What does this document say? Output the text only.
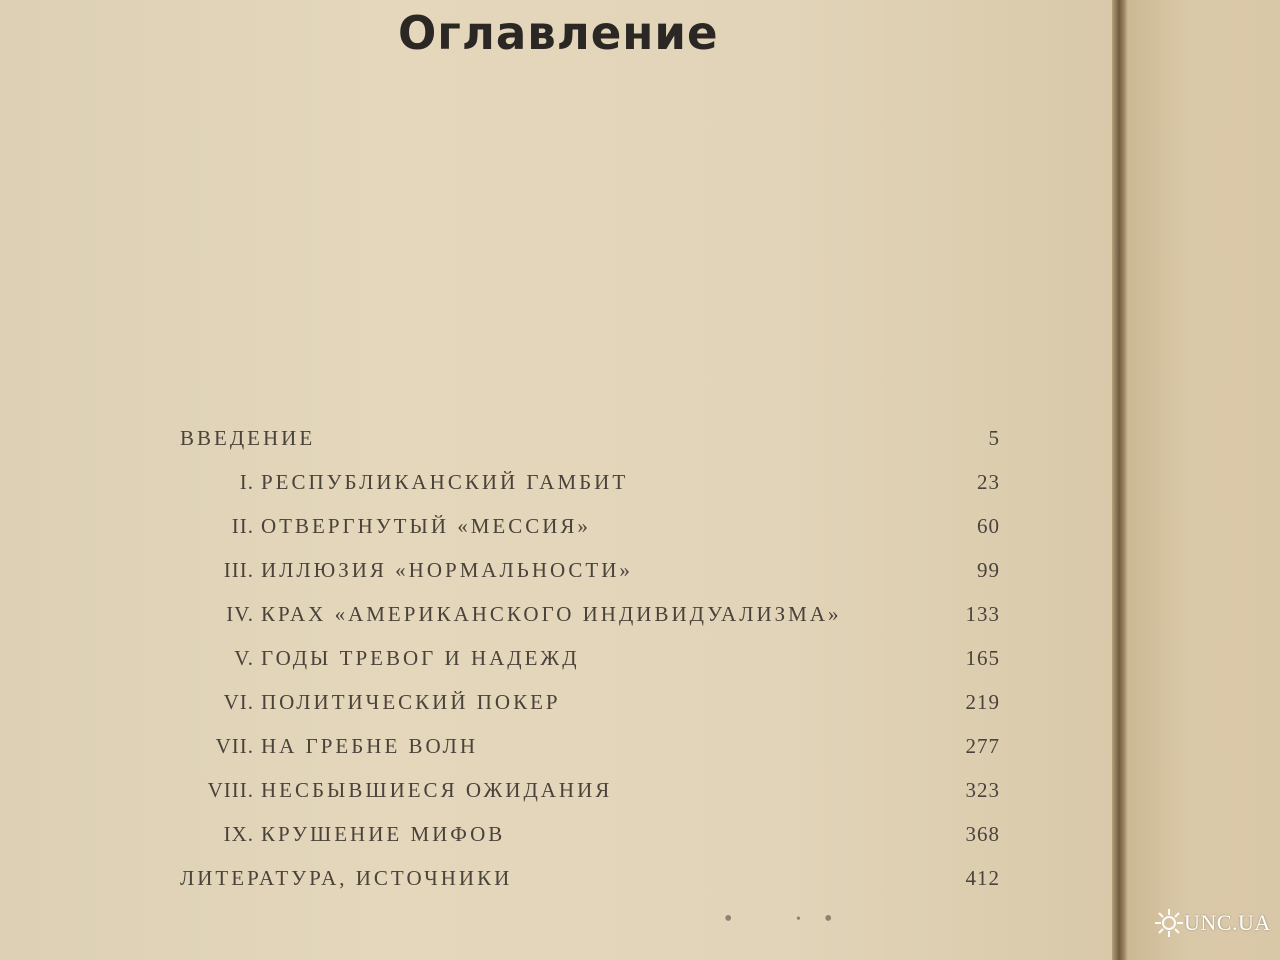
Оглавление
ВВЕДЕНИЕ	5
I. РЕСПУБЛИКАНСКИЙ ГАМБИТ	23
II. ОТВЕРГНУТЫЙ «МЕССИЯ»	60
III. ИЛЛЮЗИЯ «НОРМАЛЬНОСТИ»	99
IV. КРАХ «АМЕРИКАНСКОГО ИНДИВИДУАЛИЗМА»	133
V. ГОДЫ ТРЕВОГ И НАДЕЖД	165
VI. ПОЛИТИЧЕСКИЙ ПОКЕР	219
VII. НА ГРЕБНЕ ВОЛН	277
VIII. НЕСБЫВШИЕСЯ ОЖИДАНИЯ	323
IX. КРУШЕНИЕ МИФОВ	368
ЛИТЕРАТУРА, ИСТОЧНИКИ	412
•	• •	UNC.UA
